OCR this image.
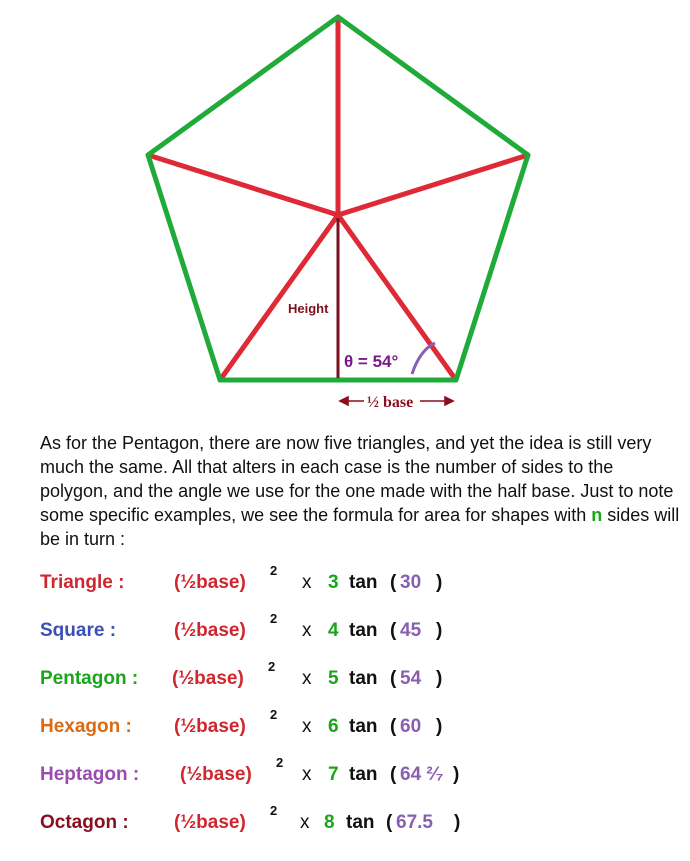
Height
θ = 54°
½ base

As for the Pentagon, there are now five triangles, and yet the idea is still very much the same. All that alters in each case is the number of sides to the polygon, and the angle we use for the one made with the half base. Just to note some specific examples, we see the formula for area for shapes with n sides will be in turn :

Triangle :	(½base)
2
x 3 tan ( 30 )
Square :	(½base)
2
x 4 tan ( 45 )
Pentagon : (½base)
2
x 5 tan ( 54 )
Hexagon : (½base)
2
x 6 tan ( 60 )
Heptagon : (½base)
2
x 7 tan ( 64 ²⁄₇ )
Octagon : (½base)
2
x 8 tan ( 67.5 )
